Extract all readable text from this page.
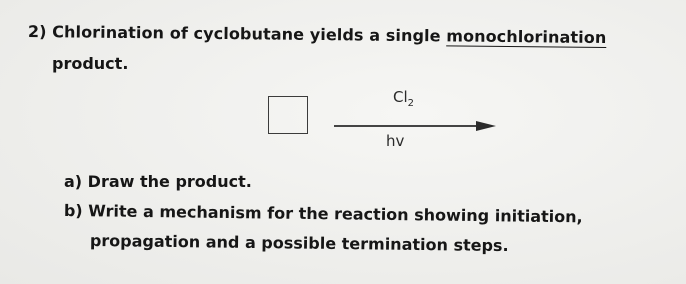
2) Chlorination of cyclobutane yields a single monochlorination
product.
$Cl_2$
hv
a) Draw the product.
b) Write a mechanism for the reaction showing initiation,
propagation and a possible termination steps.
